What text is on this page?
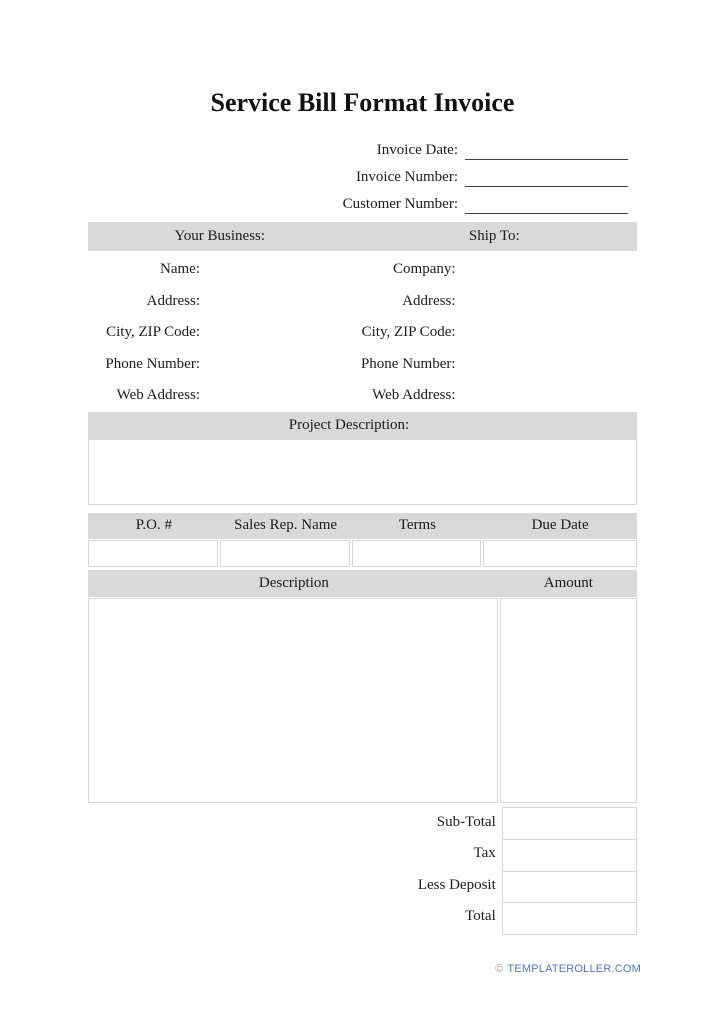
Service Bill Format Invoice
Invoice Date:
Invoice Number:
Customer Number:
Your Business:	Ship To:
Name:	Company:
Address:	Address:
City, ZIP Code:	City, ZIP Code:
Phone Number:	Phone Number:
Web Address:	Web Address:
Project Description:
P.O. #	Sales Rep. Name	Terms	Due Date
Description	Amount
Sub-Total
Tax
Less Deposit
Total
© TEMPLATEROLLER.COM
